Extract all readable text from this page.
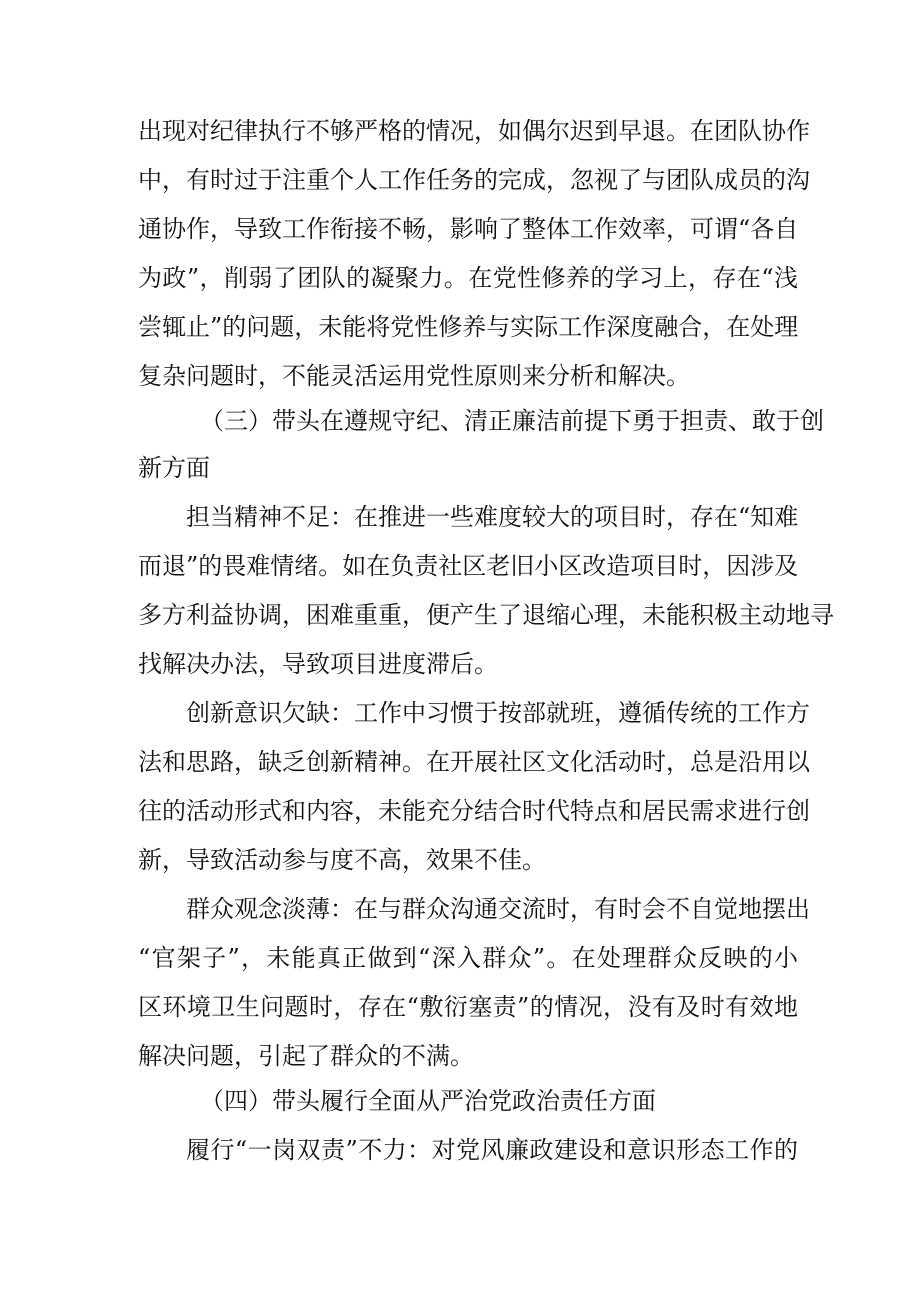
出现对纪律执行不够严格的情况，如偶尔迟到早退。在团队协作
中，有时过于注重个人工作任务的完成，忽视了与团队成员的沟
通协作，导致工作衔接不畅，影响了整体工作效率，可谓“各自
为政”，削弱了团队的凝聚力。在党性修养的学习上，存在“浅
尝辄止”的问题，未能将党性修养与实际工作深度融合，在处理
复杂问题时，不能灵活运用党性原则来分析和解决。
（三）带头在遵规守纪、清正廉洁前提下勇于担责、敢于创
新方面
担当精神不足：在推进一些难度较大的项目时，存在“知难
而退”的畏难情绪。如在负责社区老旧小区改造项目时，因涉及
多方利益协调，困难重重，便产生了退缩心理，未能积极主动地寻
找解决办法，导致项目进度滞后。
创新意识欠缺：工作中习惯于按部就班，遵循传统的工作方
法和思路，缺乏创新精神。在开展社区文化活动时，总是沿用以
往的活动形式和内容，未能充分结合时代特点和居民需求进行创
新，导致活动参与度不高，效果不佳。
群众观念淡薄：在与群众沟通交流时，有时会不自觉地摆出
“官架子”，未能真正做到“深入群众”。在处理群众反映的小
区环境卫生问题时，存在“敷衍塞责”的情况，没有及时有效地
解决问题，引起了群众的不满。
（四）带头履行全面从严治党政治责任方面
履行“一岗双责”不力：对党风廉政建设和意识形态工作的
